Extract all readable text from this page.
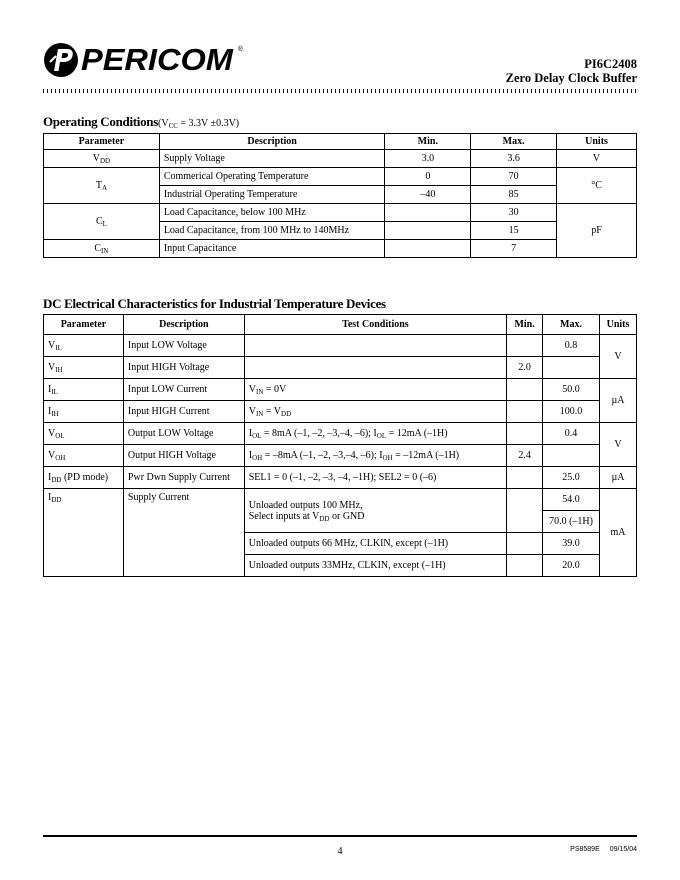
PERICOM ®
PI6C2408
Zero Delay Clock Buffer
Operating $Conditions(V_{CC} = 3.3V \pm 0.3V)$
Parameter	Description	Min.	Max.	Units
$V_{DD}$	Supply Voltage	3.0	3.6	V
$T_A$	Commerical Operating Temperature	0	70	°C
	Industrial Operating Temperature	–40	85	
$C_L$	Load Capacitance, below 100 MHz		30	pF
	Load Capacitance, from 100 MHz to 140MHz		15	
$C_{IN}$	Input Capacitance		7	
DC Electrical Characteristics for Industrial Temperature Devices
Parameter	Description	Test Conditions	Min.	Max.	Units
$V_{IL}$	Input LOW Voltage			0.8	V
$V_{IH}$	Input HIGH Voltage		2.0		
$I_{IL}$	Input LOW Current	$V_{IN} = 0V$		50.0	µA
$I_{IH}$	Input HIGH Current	$V_{IN} = V_{DD}$		100.0	
$V_{OL}$	Output LOW Voltage	$I_{OL} = 8mA$ (–1, –2, –3,–4, –6); $I_{OL} = 12mA$ (–1H)		0.4	V
$V_{OH}$	Output HIGH Voltage	$I_{OH} = -8mA$ (–1, –2, –3,–4, –6); $I_{OH} = -12mA$ (–1H)	2.4		
$I_{DD}$ (PD mode)	Pwr Dwn Supply Current	SEL1 = 0 (–1, –2, –3, –4, –1H); SEL2 = 0 (–6)		25.0	µA
$I_{DD}$	Supply Current	Unloaded outputs 100 MHz,
Select inputs at $V_{DD}$ or GND		54.0	mA
				70.0 (–1H)	
		Unloaded outputs 66 MHz, CLKIN, except (–1H)		39.0	
		Unloaded outputs 33MHz, CLKIN, except (–1H)		20.0	
4	PS8589E 09/15/04
